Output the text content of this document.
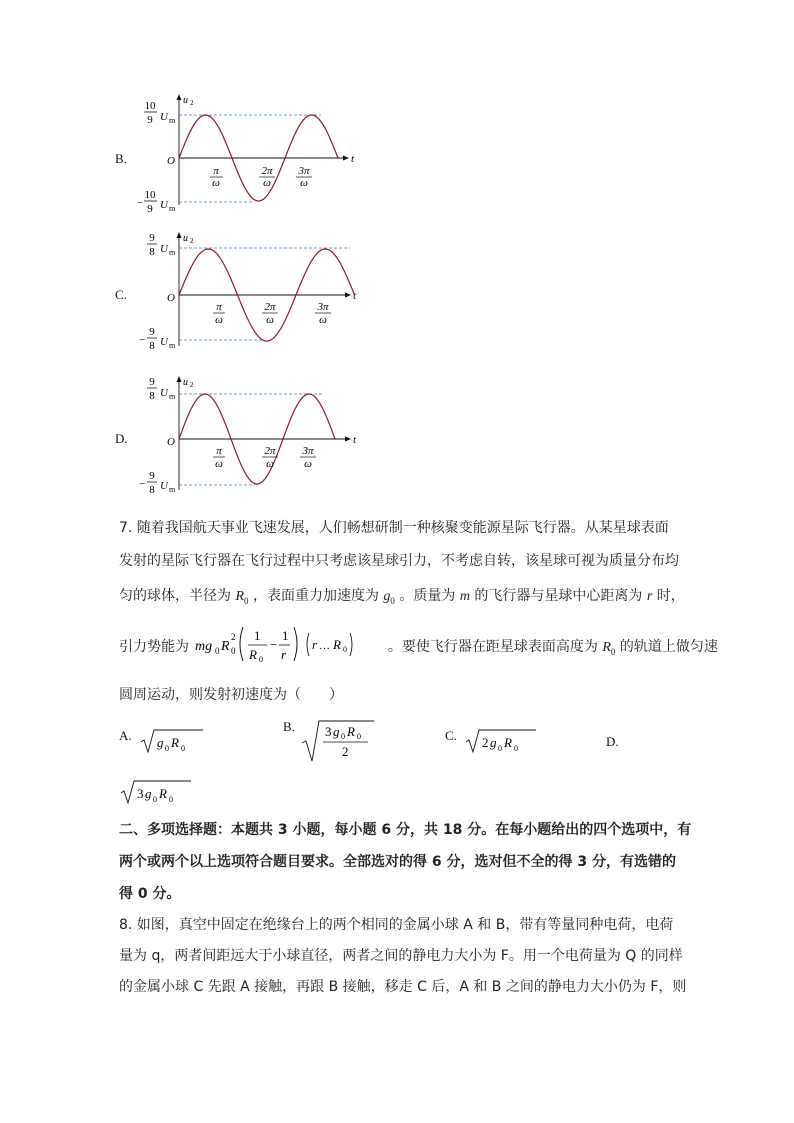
B.
10
9 U m
−
10
9 U m
u 2
t
O
π
ω
2π
ω
3π
ω
C.
9
8 U m
−
9
8 U m
u 2
t
O
π
ω
2π
ω
3π
ω
D.
9
8 U m
−
9
8 U m
u 2
t
O
π
ω
2π
ω
3π
ω
7. 随着我国航天事业飞速发展，人们畅想研制一种核聚变能源星际飞行器。从某星球表面
发射的星际飞行器在飞行过程中只考虑该星球引力，不考虑自转，该星球可视为质量分布均
匀的球体，半径为 $R_0$ ，表面重力加速度为 $g_0$ 。质量为 m 的飞行器与星球中心距离为 r 时，
引力势能为 mg 0 R 0
2 1
R 0
−
1
r
r … R 0	。要使飞行器在距星球表面高度为 $R_0$ 的轨道上做匀速
圆周运动，则发射初速度为（　　）
A. g 0 R 0
B. 3 g 0 R 0
2
C. 2 g 0 R 0	D.
3 g 0 R 0
二、多项选择题：本题共 3 小题，每小题 6 分，共 18 分。在每小题给出的四个选项中，有
两个或两个以上选项符合题目要求。全部选对的得 6 分，选对但不全的得 3 分，有选错的
得 0 分。
8. 如图，真空中固定在绝缘台上的两个相同的金属小球 A 和 B，带有等量同种电荷，电荷
量为 q，两者间距远大于小球直径，两者之间的静电力大小为 F。用一个电荷量为 Q 的同样
的金属小球 C 先跟 A 接触，再跟 B 接触，移走 C 后，A 和 B 之间的静电力大小仍为 F，则
